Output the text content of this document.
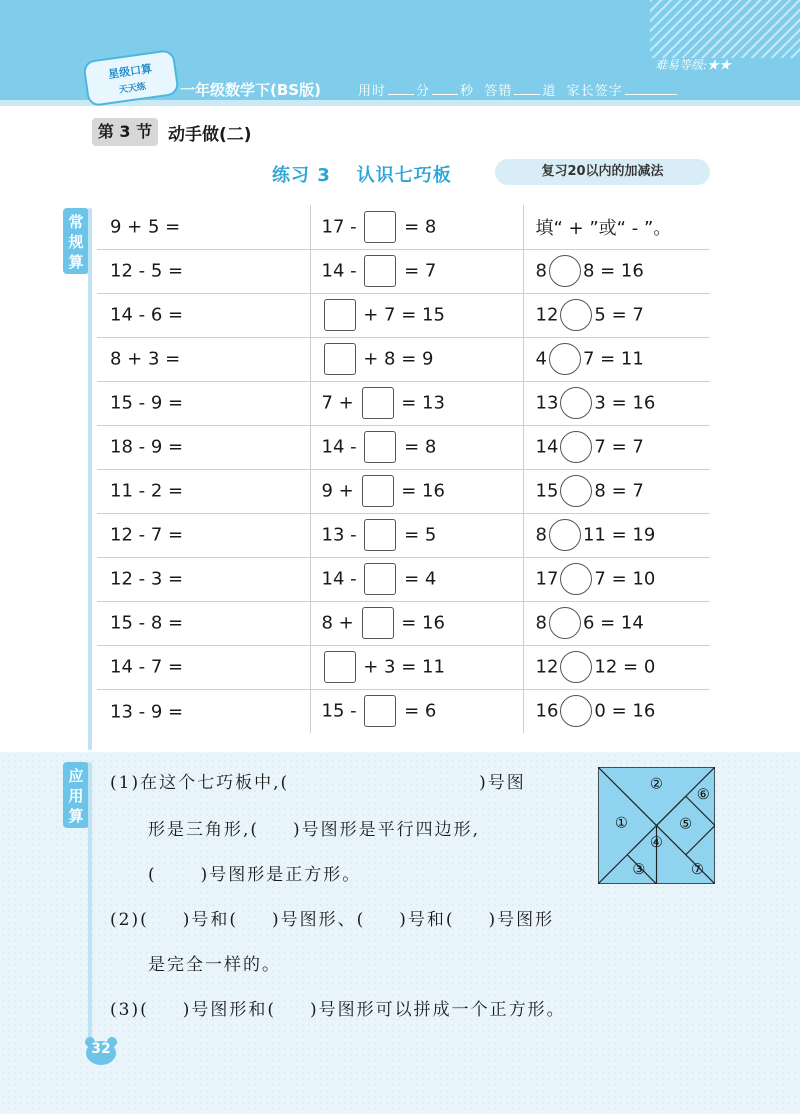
星级口算
天天练	一年级数学下(BS版)
难易等级:★★
用时 分 秒 答错 道 家长签字
第 3 节 动手做(二)
练习 3 认识七巧板	复习20以内的加减法
常规算
9 + 5 =	17 - = 8	填“ + ”或“ - ”。
12 - 5 =	14 - = 7	8 8 = 16
14 - 6 =	+ 7 = 15	12 5 = 7
8 + 3 =	+ 8 = 9	4 7 = 11
15 - 9 =	7 + = 13	13 3 = 16
18 - 9 =	14 - = 8	14 7 = 7
11 - 2 =	9 + = 16	15 8 = 7
12 - 7 =	13 - = 5	8 11 = 19
12 - 3 =	14 - = 4	17 7 = 10
15 - 8 =	8 + = 16	8 6 = 14
14 - 7 =	+ 3 = 11	12 12 = 0
13 - 9 =	15 - = 6	16 0 = 16
应用算
(1)在这个七巧板中,(	)号图
形是三角形,( )号图形是平行四边形,
(	)号图形是正方形。
(2)( )号和( )号图形、( )号和( )号图形
是完全一样的。
(3)( )号图形和( )号图形可以拼成一个正方形。
①
②
③
④
⑤
⑥
⑦
32
